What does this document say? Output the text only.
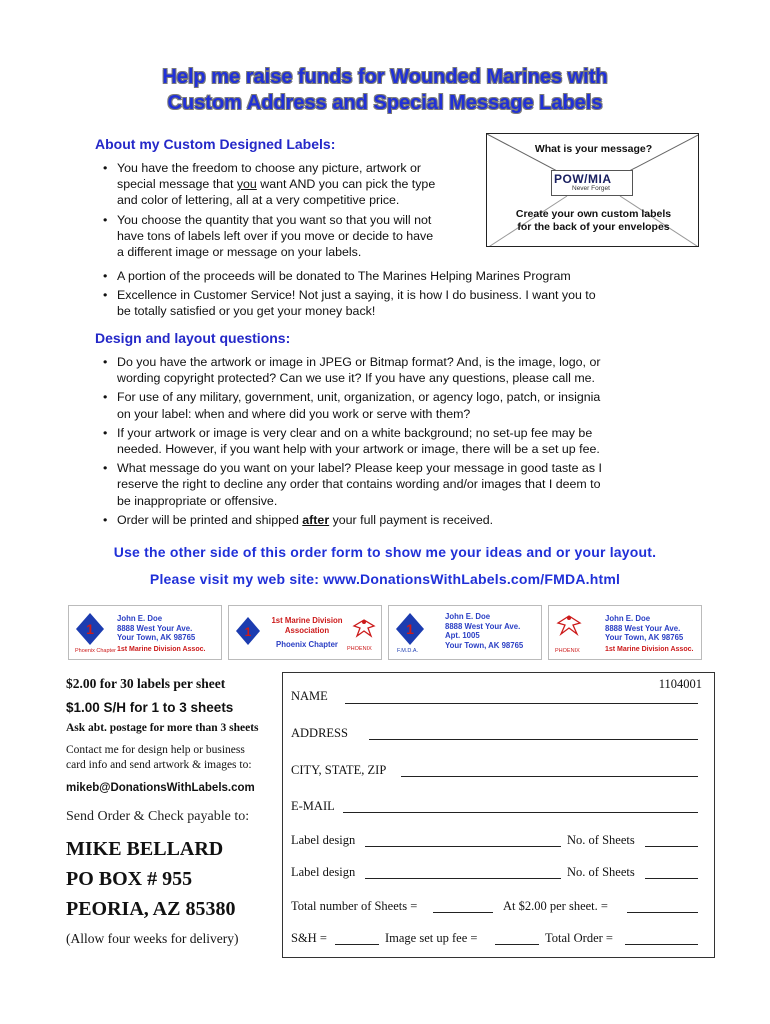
Help me raise funds for Wounded Marines with
Custom Address and Special Message Labels
About my Custom Designed Labels:
• You have the freedom to choose any picture, artwork or
special message that you want AND you can pick the type
and color of lettering, all at a very competitive price.
• You choose the quantity that you want so that you will not
have tons of labels left over if you move or decide to have
a different image or message on your labels.
• A portion of the proceeds will be donated to The Marines Helping Marines Program
• Excellence in Customer Service! Not just a saying, it is how I do business. I want you to
be totally satisfied or you get your money back!
What is your message?
POW/MIA
Never Forget
Create your own custom labels
for the back of your envelopes
Design and layout questions:
• Do you have the artwork or image in JPEG or Bitmap format? And, is the image, logo, or
wording copyright protected? Can we use it? If you have any questions, please call me.
• For use of any military, government, unit, organization, or agency logo, patch, or insignia
on your label: when and where did you work or serve with them?
• If your artwork or image is very clear and on a white background; no set-up fee may be
needed. However, if you want help with your artwork or image, there will be a set up fee.
• What message do you want on your label? Please keep your message in good taste as I
reserve the right to decline any order that contains wording and/or images that I deem to
be inappropriate or offensive.
• Order will be printed and shipped after your full payment is received.
Use the other side of this order form to show me your ideas and or your layout.
Please visit my web site: www.DonationsWithLabels.com/FMDA.html
1
Phoenix Chapter
John E. Doe
8888 West Your Ave.
Your Town, AK 98765
1st Marine Division Assoc.
1
1st Marine Division
Association
Phoenix Chapter	PHOENIX
1
F.M.D.A.
John E. Doe
8888 West Your Ave.
Apt. 1005
Your Town, AK 98765
PHOENIX
John E. Doe
8888 West Your Ave.
Your Town, AK 98765
1st Marine Division Assoc.
$2.00 for 30 labels per sheet
$1.00 S/H for 1 to 3 sheets
Ask abt. postage for more than 3 sheets
Contact me for design help or business
card info and send artwork & images to:
mikeb@DonationsWithLabels.com
Send Order & Check payable to:
MIKE BELLARD
PO BOX # 955
PEORIA, AZ 85380
(Allow four weeks for delivery)
1104001
NAME
ADDRESS
CITY, STATE, ZIP
E-MAIL
Label design	No. of Sheets
Label design	No. of Sheets
Total number of Sheets =	At $2.00 per sheet. =
S&H =	Image set up fee =	Total Order =
